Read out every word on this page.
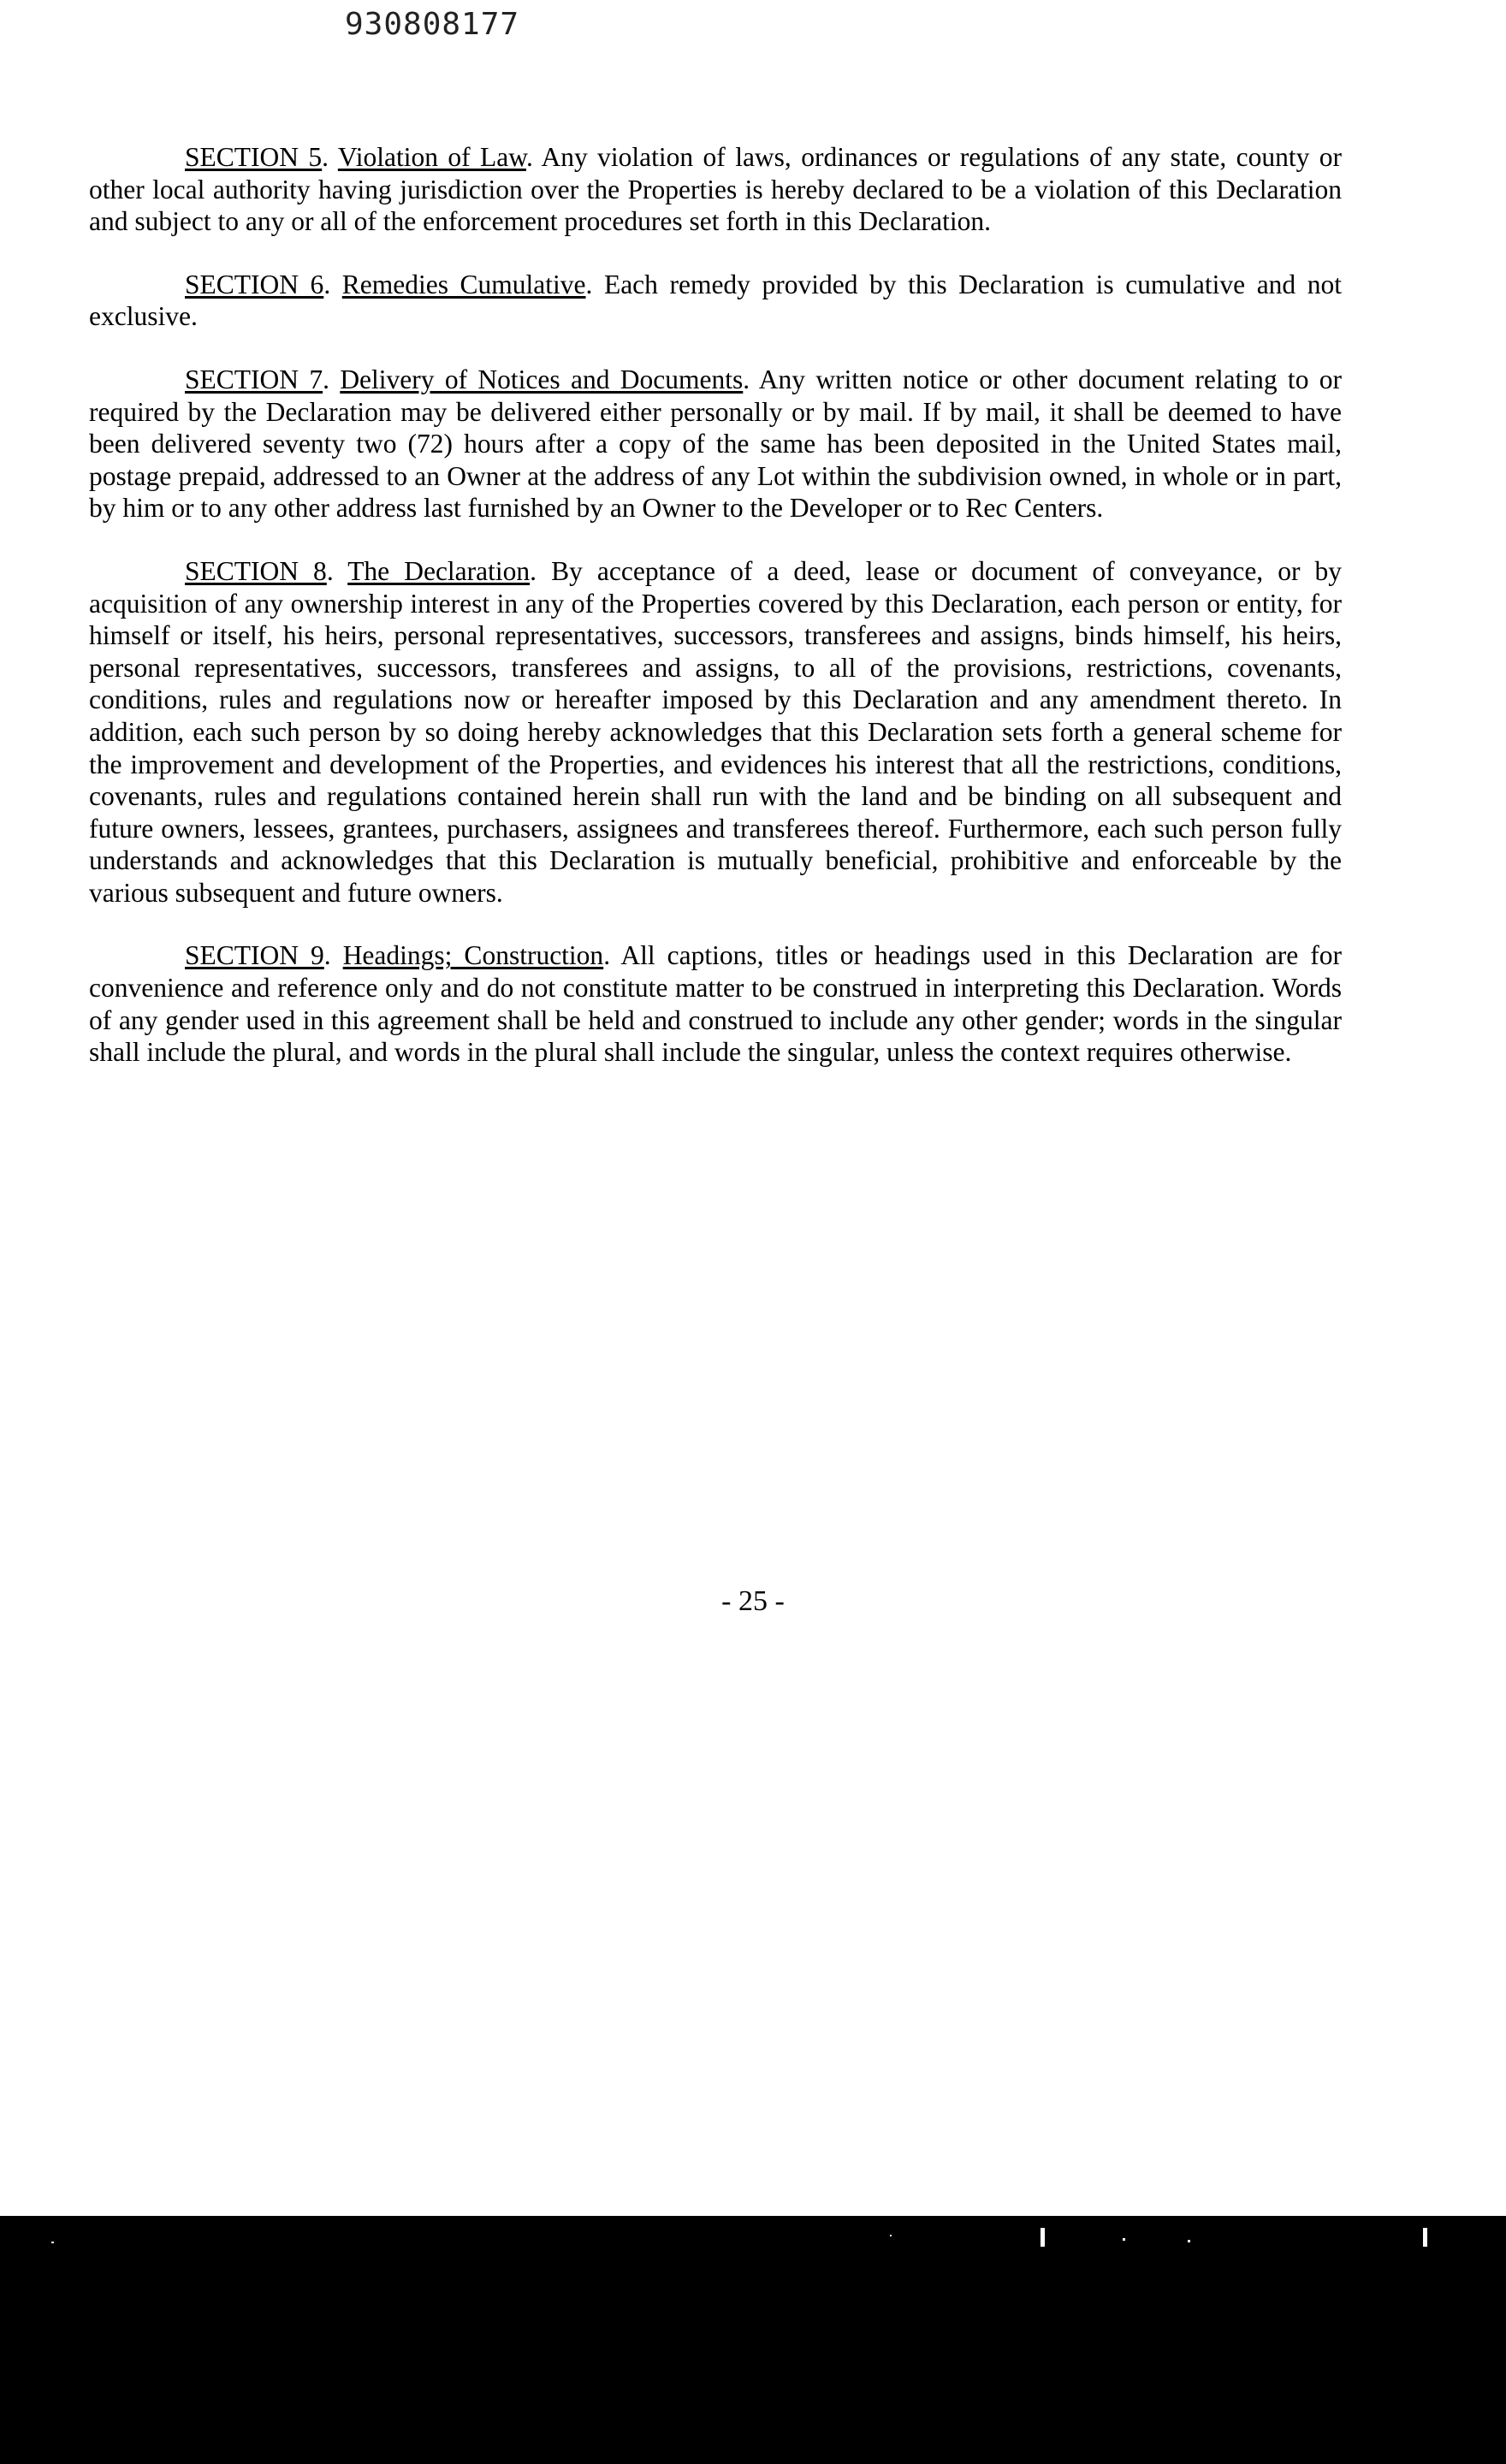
930808177

SECTION 5. Violation of Law. Any violation of laws, ordinances or regulations of any state, county or other local authority having jurisdiction over the Properties is hereby declared to be a violation of this Declaration and subject to any or all of the enforcement procedures set forth in this Declaration.

SECTION 6. Remedies Cumulative. Each remedy provided by this Declaration is cumulative and not exclusive.

SECTION 7. Delivery of Notices and Documents. Any written notice or other document relating to or required by the Declaration may be delivered either personally or by mail. If by mail, it shall be deemed to have been delivered seventy two (72) hours after a copy of the same has been deposited in the United States mail, postage prepaid, addressed to an Owner at the address of any Lot within the subdivision owned, in whole or in part, by him or to any other address last furnished by an Owner to the Developer or to Rec Centers.

SECTION 8. The Declaration. By acceptance of a deed, lease or document of conveyance, or by acquisition of any ownership interest in any of the Properties covered by this Declaration, each person or entity, for himself or itself, his heirs, personal representatives, successors, transferees and assigns, binds himself, his heirs, personal representatives, successors, transferees and assigns, to all of the provisions, restrictions, covenants, conditions, rules and regulations now or hereafter imposed by this Declaration and any amendment thereto. In addition, each such person by so doing hereby acknowledges that this Declaration sets forth a general scheme for the improvement and development of the Properties, and evidences his interest that all the restrictions, conditions, covenants, rules and regulations contained herein shall run with the land and be binding on all subsequent and future owners, lessees, grantees, purchasers, assignees and transferees thereof. Furthermore, each such person fully understands and acknowledges that this Declaration is mutually beneficial, prohibitive and enforceable by the various subsequent and future owners.

SECTION 9. Headings; Construction. All captions, titles or headings used in this Declaration are for convenience and reference only and do not constitute matter to be construed in interpreting this Declaration. Words of any gender used in this agreement shall be held and construed to include any other gender; words in the singular shall include the plural, and words in the plural shall include the singular, unless the context requires otherwise.

- 25 -
